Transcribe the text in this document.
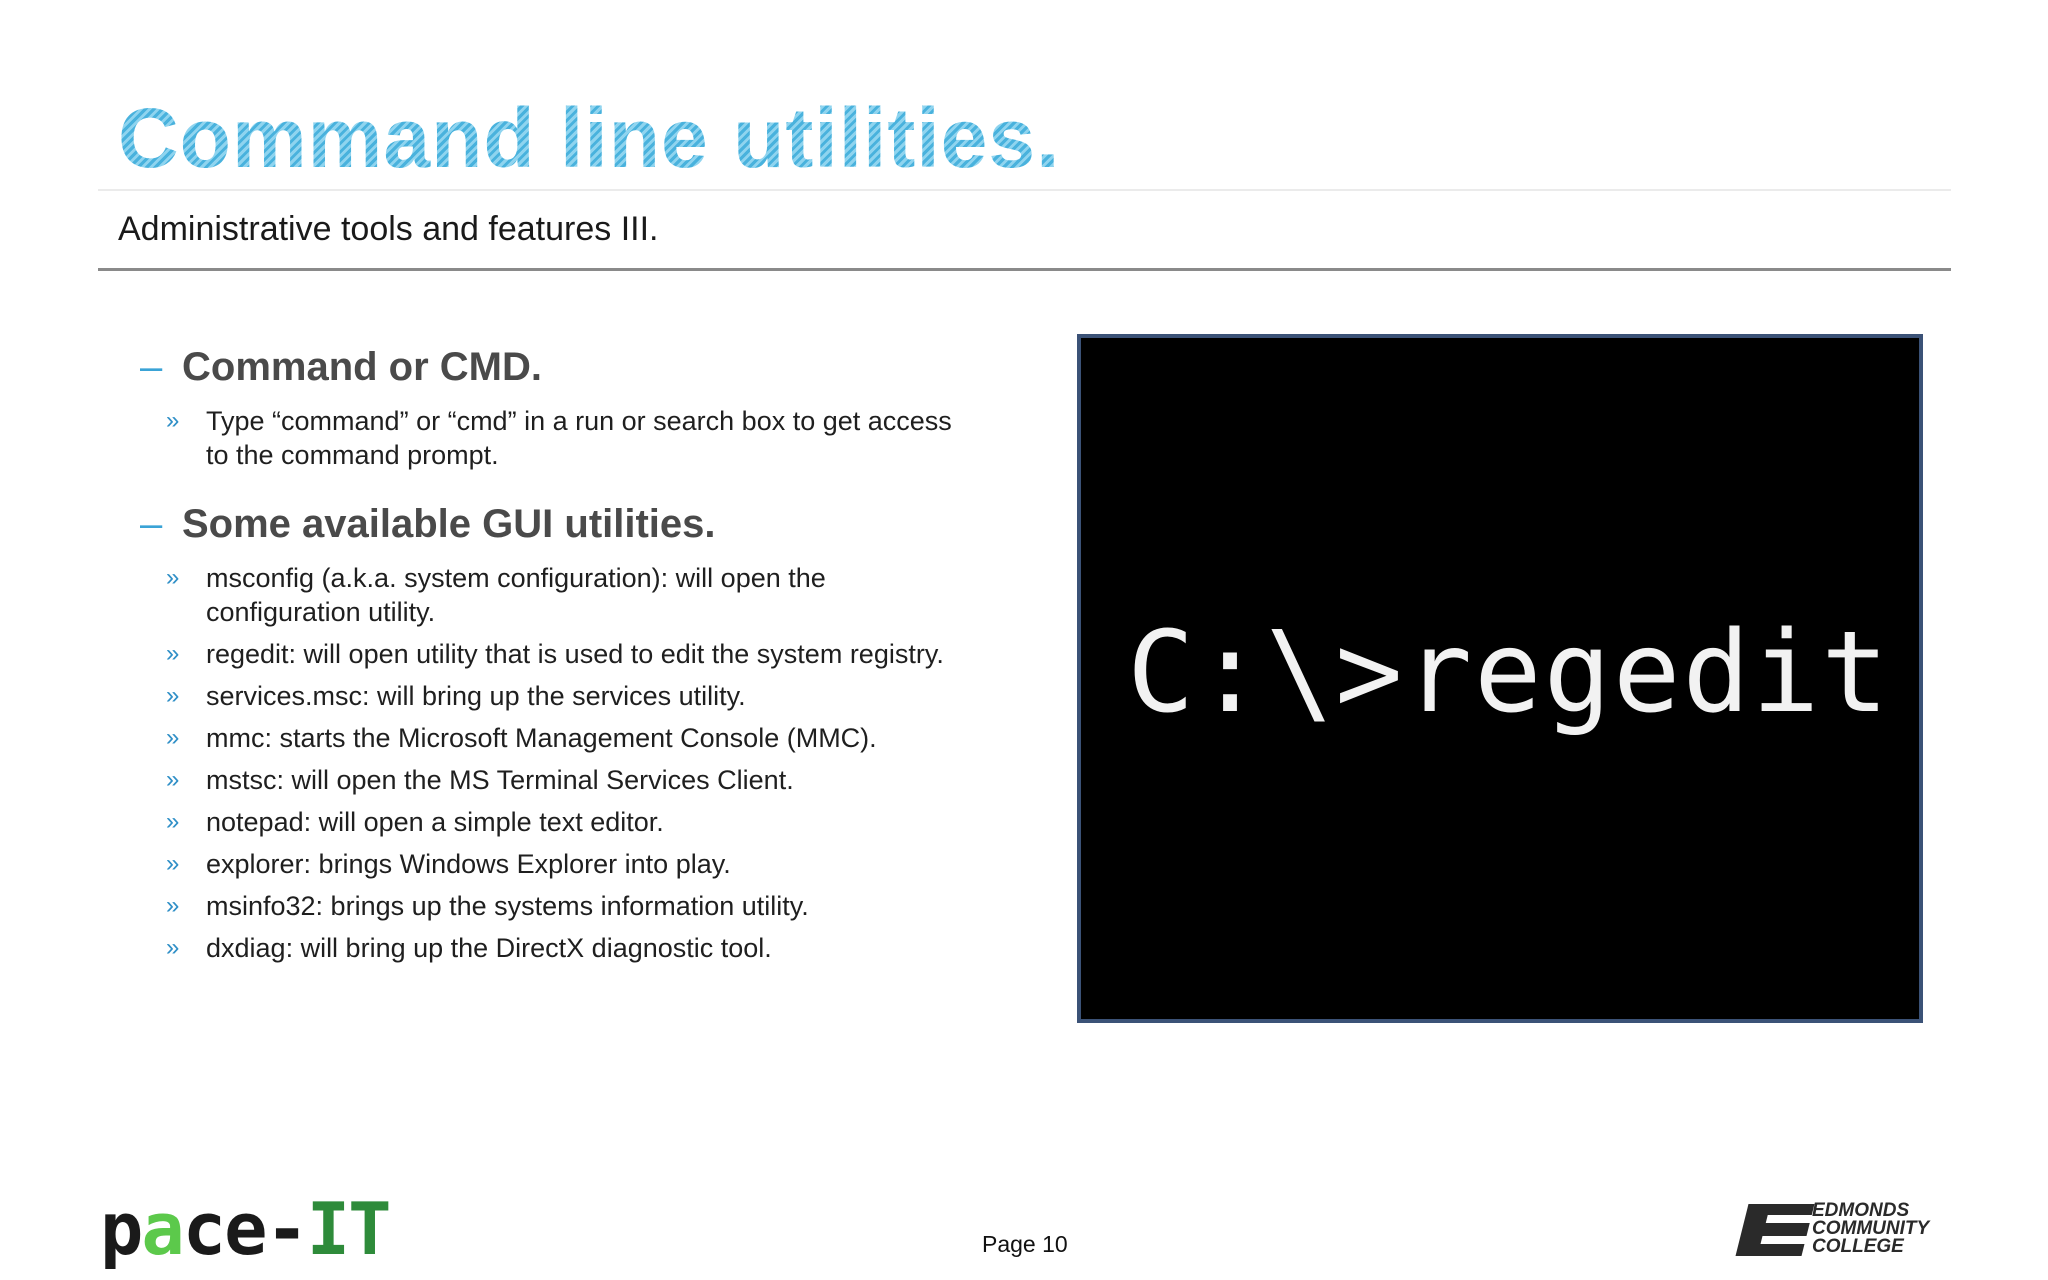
Command line utilities.
Administrative tools and features III.
– Command or CMD.
» Type “command” or “cmd” in a run or search box to get access to the command prompt.
– Some available GUI utilities.
» msconfig (a.k.a. system configuration): will open the configuration utility.
» regedit: will open utility that is used to edit the system registry.
» services.msc: will bring up the services utility.
» mmc: starts the Microsoft Management Console (MMC).
» mstsc: will open the MS Terminal Services Client.
» notepad: will open a simple text editor.
» explorer: brings Windows Explorer into play.
» msinfo32: brings up the systems information utility.
» dxdiag: will bring up the DirectX diagnostic tool.
C:\>regedit
pace-IT	Page 10
EDMONDS
COMMUNITY
COLLEGE
